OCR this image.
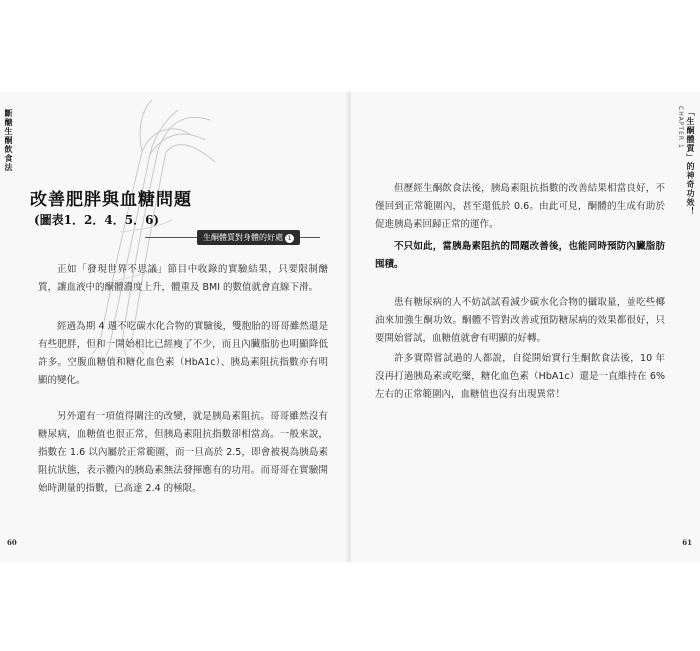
斷醣生酮飲食法
改善肥胖與血糖問題
(圖表1．2．4．5．6)
生酮體質對身體的好處 1

正如「發現世界不思議」節目中收錄的實驗結果，只要限制醣質，讓血液中的酮體濃度上升，體重及 BMI 的數值就會直線下滑。

經過為期 4 週不吃碳水化合物的實驗後，雙胞胎的哥哥雖然還是有些肥胖，但和一開始相比已經瘦了不少，而且內臟脂肪也明顯降低許多。空腹血糖值和糖化血色素（HbA1c）、胰島素阻抗指數亦有明顯的變化。

另外還有一項值得關注的改變，就是胰島素阻抗。哥哥雖然沒有糖尿病，血糖值也很正常，但胰島素阻抗指數卻相當高。一般來說，指數在 1.6 以內屬於正常範圍，而一旦高於 2.5，即會被視為胰島素阻抗狀態，表示體內的胰島素無法發揮應有的功用。而哥哥在實驗開始時測量的指數，已高達 2.4 的極限。

60
CHAPTER 1 「生酮體質」的神奇功效！

但歷經生酮飲食法後，胰島素阻抗指數的改善結果相當良好，不僅回到正常範圍內，甚至還低於 0.6。由此可見，酮體的生成有助於促進胰島素回歸正常的運作。

不只如此，當胰島素阻抗的問題改善後，也能同時預防內臟脂肪囤積。

患有糖尿病的人不妨試試看減少碳水化合物的攝取量，並吃些椰油來加強生酮功效。酮體不管對改善或預防糖尿病的效果都很好，只要開始嘗試，血糖值就會有明顯的好轉。

許多實際嘗試過的人都說，自從開始實行生酮飲食法後，10 年沒再打過胰島素或吃藥，糖化血色素（HbA1c）還是一直維持在 6% 左右的正常範圍內，血糖值也沒有出現異常！

61
